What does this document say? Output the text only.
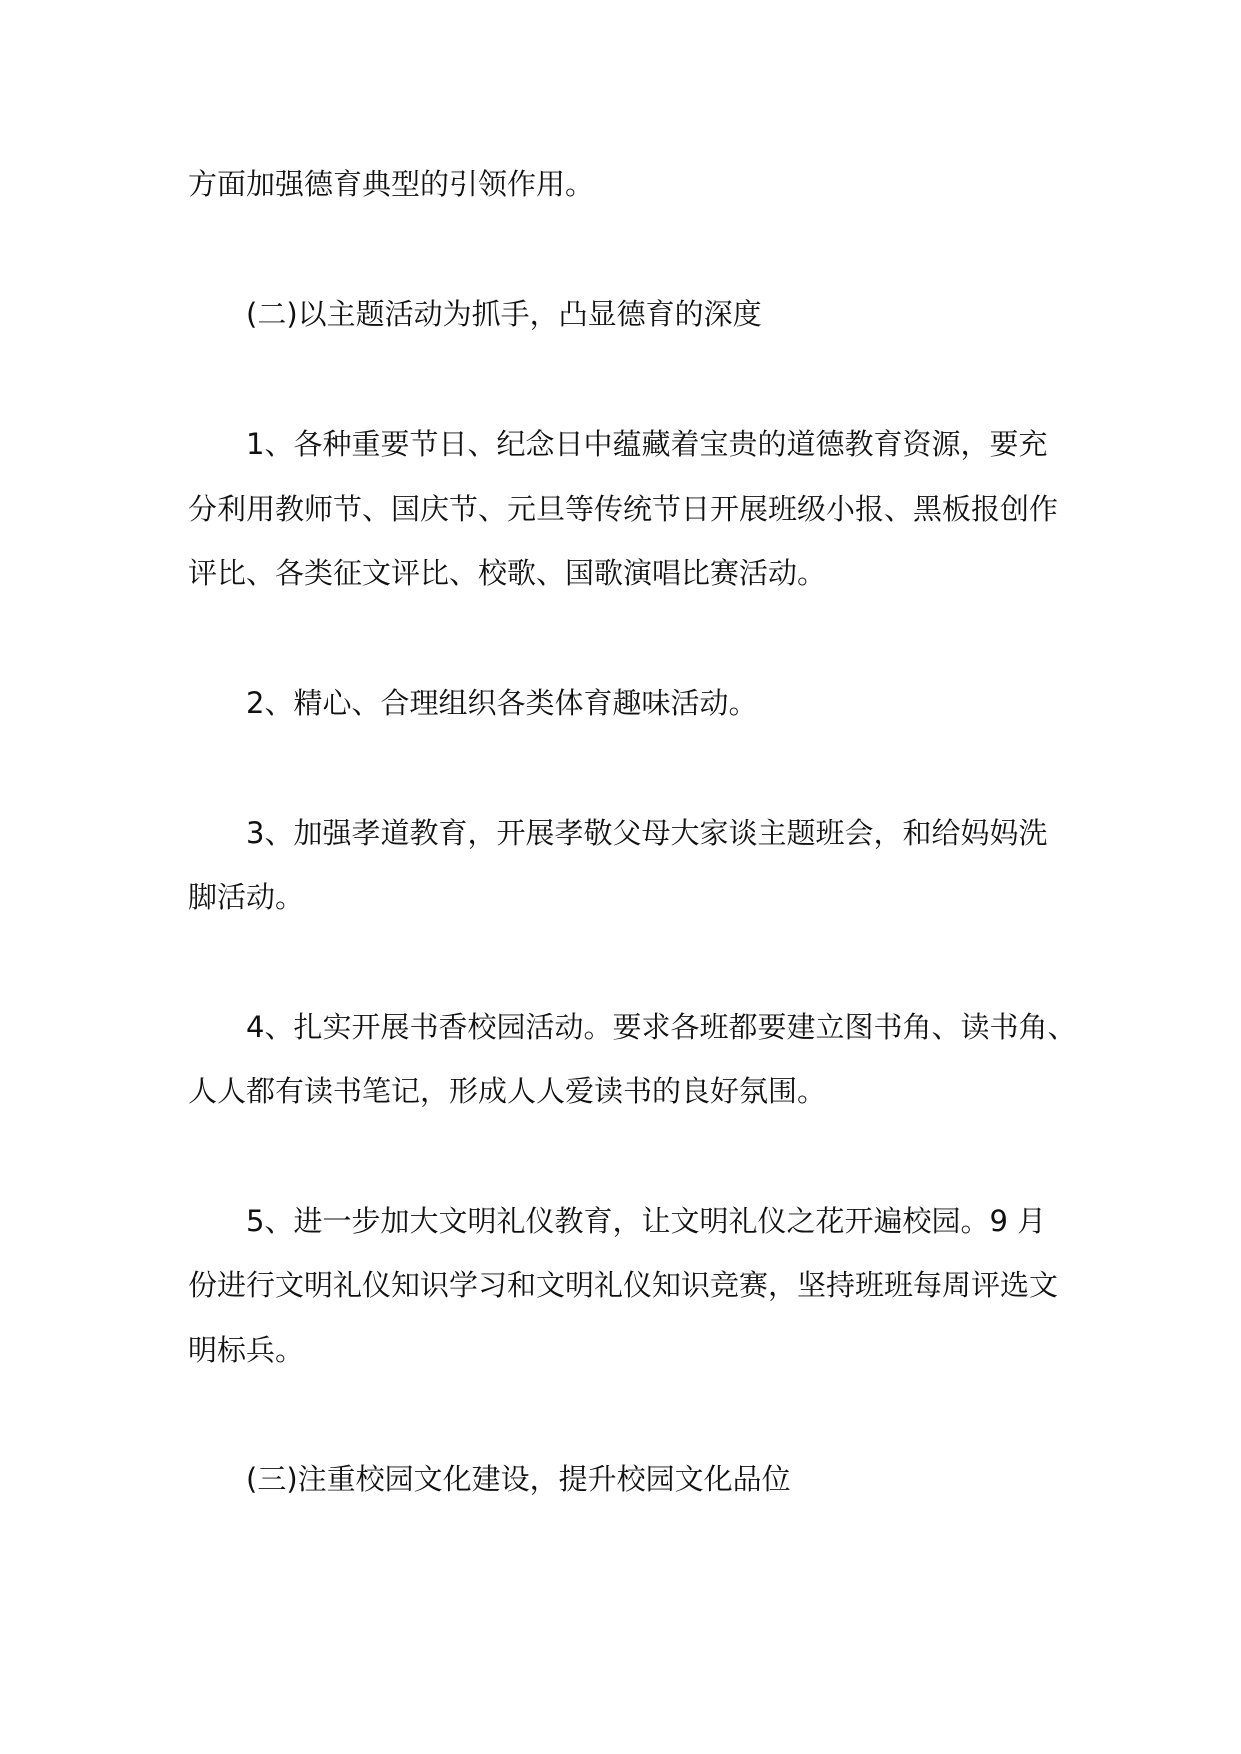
方面加强德育典型的引领作用。
(二)以主题活动为抓手，凸显德育的深度
1、各种重要节日、纪念日中蕴藏着宝贵的道德教育资源，要充
分利用教师节、国庆节、元旦等传统节日开展班级小报、黑板报创作
评比、各类征文评比、校歌、国歌演唱比赛活动。
2、精心、合理组织各类体育趣味活动。
3、加强孝道教育，开展孝敬父母大家谈主题班会，和给妈妈洗
脚活动。
4、扎实开展书香校园活动。要求各班都要建立图书角、读书角、
人人都有读书笔记，形成人人爱读书的良好氛围。
5、进一步加大文明礼仪教育，让文明礼仪之花开遍校园。9 月
份进行文明礼仪知识学习和文明礼仪知识竞赛，坚持班班每周评选文
明标兵。
(三)注重校园文化建设，提升校园文化品位
